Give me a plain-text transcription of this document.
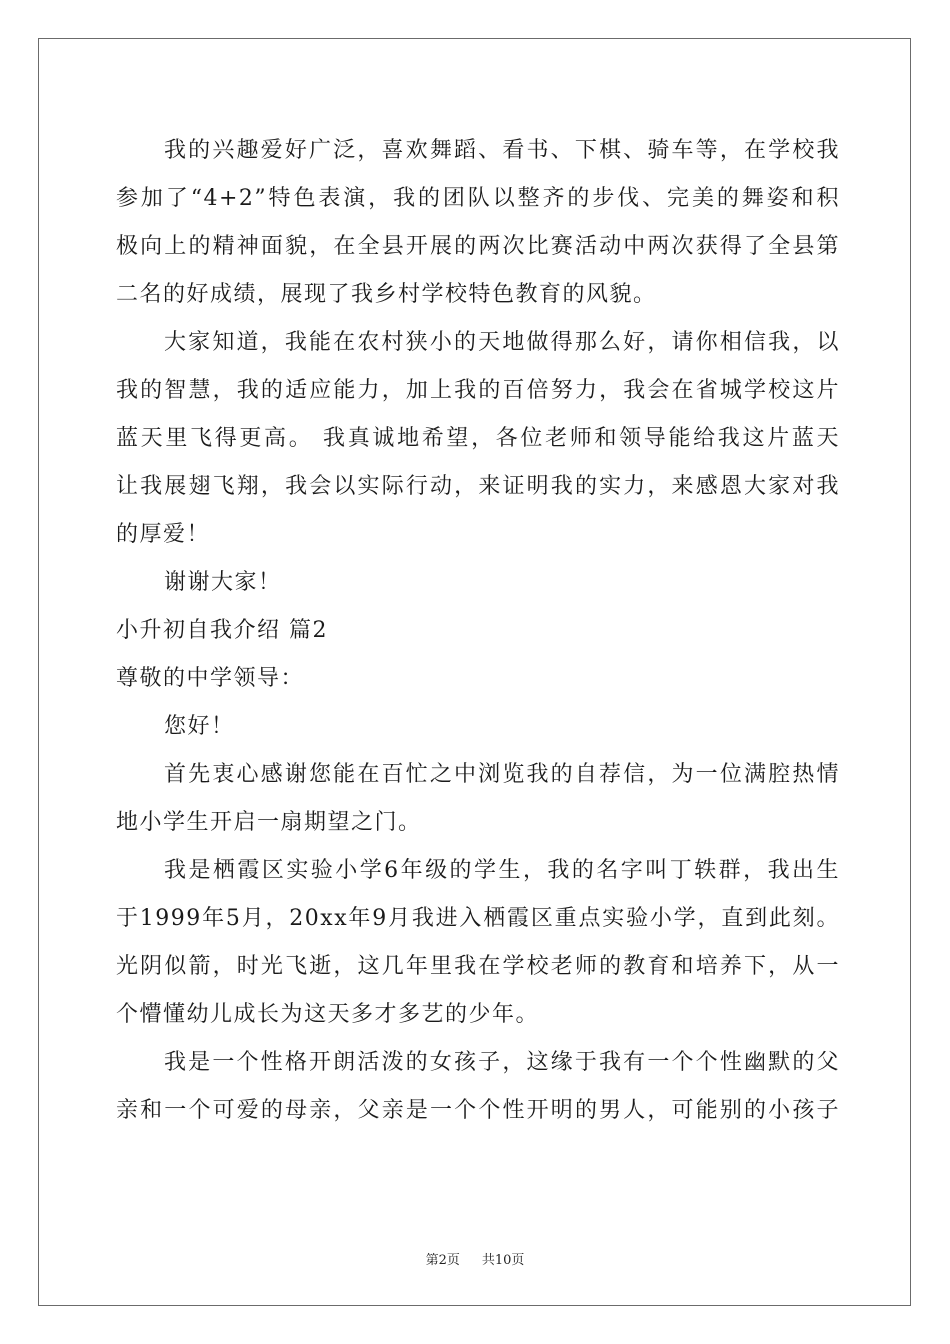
我的兴趣爱好广泛，喜欢舞蹈、看书、下棋、骑车等，在学校我
参加了“4+2”特色表演，我的团队以整齐的步伐、完美的舞姿和积
极向上的精神面貌，在全县开展的两次比赛活动中两次获得了全县第
二名的好成绩，展现了我乡村学校特色教育的风貌。
大家知道，我能在农村狭小的天地做得那么好，请你相信我，以
我的智慧，我的适应能力，加上我的百倍努力，我会在省城学校这片
蓝天里飞得更高。 我真诚地希望，各位老师和领导能给我这片蓝天
让我展翅飞翔，我会以实际行动，来证明我的实力，来感恩大家对我
的厚爱！
谢谢大家！
小升初自我介绍 篇2
尊敬的中学领导：
您好！
首先衷心感谢您能在百忙之中浏览我的自荐信，为一位满腔热情
地小学生开启一扇期望之门。
我是栖霞区实验小学6年级的学生，我的名字叫丁轶群，我出生
于1999年5月，20xx年9月我进入栖霞区重点实验小学，直到此刻。
光阴似箭，时光飞逝，这几年里我在学校老师的教育和培养下，从一
个懵懂幼儿成长为这天多才多艺的少年。
我是一个性格开朗活泼的女孩子，这缘于我有一个个性幽默的父
亲和一个可爱的母亲，父亲是一个个性开明的男人，可能别的小孩子
第2页 共10页
